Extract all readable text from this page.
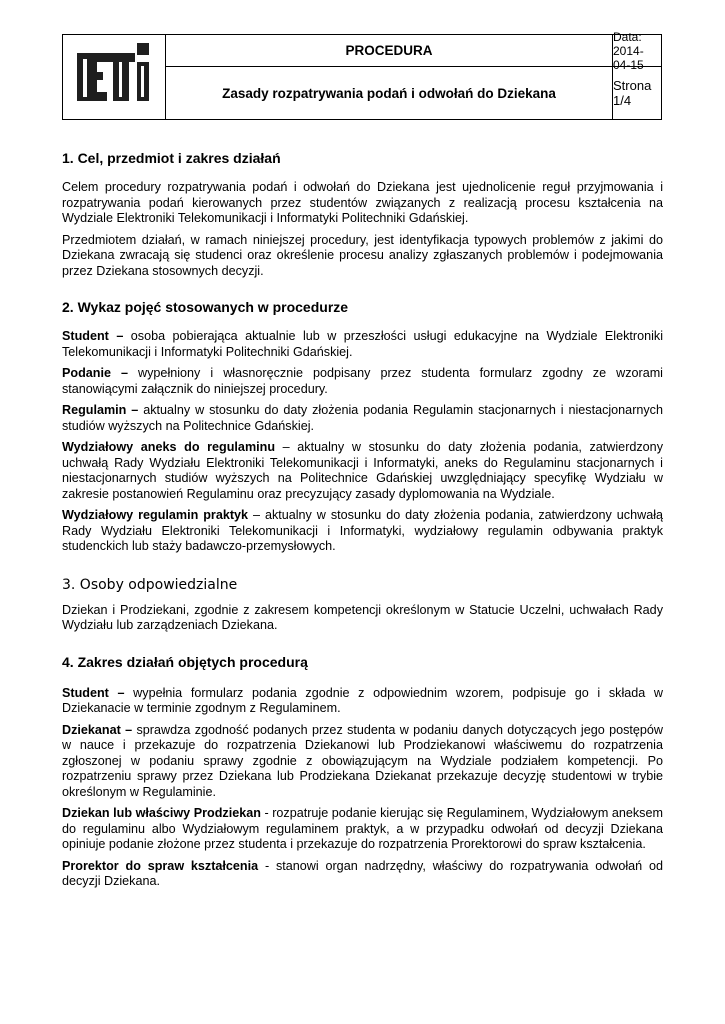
PROCEDURA
Data: 2014-04-15
Zasady rozpatrywania podań i odwołań do Dziekana	Strona 1/4
1. Cel, przedmiot i zakres działań

Celem procedury rozpatrywania podań i odwołań do Dziekana jest ujednolicenie reguł przyjmowania i rozpatrywania podań kierowanych przez studentów związanych z realizacją procesu kształcenia na Wydziale Elektroniki Telekomunikacji i Informatyki Politechniki Gdańskiej.

Przedmiotem działań, w ramach niniejszej procedury, jest identyfikacja typowych problemów z jakimi do Dziekana zwracają się studenci oraz określenie procesu analizy zgłaszanych problemów i podejmowania przez Dziekana stosownych decyzji.

2. Wykaz pojęć stosowanych w procedurze

Student – osoba pobierająca aktualnie lub w przeszłości usługi edukacyjne na Wydziale Elektroniki Telekomunikacji i Informatyki Politechniki Gdańskiej.

Podanie – wypełniony i własnoręcznie podpisany przez studenta formularz zgodny ze wzorami stanowiącymi załącznik do niniejszej procedury.

Regulamin – aktualny w stosunku do daty złożenia podania Regulamin stacjonarnych i niestacjonarnych studiów wyższych na Politechnice Gdańskiej.

Wydziałowy aneks do regulaminu – aktualny w stosunku do daty złożenia podania, zatwierdzony uchwałą Rady Wydziału Elektroniki Telekomunikacji i Informatyki, aneks do Regulaminu stacjonarnych i niestacjonarnych studiów wyższych na Politechnice Gdańskiej uwzględniający specyfikę Wydziału w zakresie postanowień Regulaminu oraz precyzujący zasady dyplomowania na Wydziale.

Wydziałowy regulamin praktyk – aktualny w stosunku do daty złożenia podania, zatwierdzony uchwałą Rady Wydziału Elektroniki Telekomunikacji i Informatyki, wydziałowy regulamin odbywania praktyk studenckich lub staży badawczo-przemysłowych.

3. Osoby odpowiedzialne

Dziekan i Prodziekani, zgodnie z zakresem kompetencji określonym w Statucie Uczelni, uchwałach Rady Wydziału lub zarządzeniach Dziekana.

4. Zakres działań objętych procedurą

Student – wypełnia formularz podania zgodnie z odpowiednim wzorem, podpisuje go i składa w Dziekanacie w terminie zgodnym z Regulaminem.

Dziekanat – sprawdza zgodność podanych przez studenta w podaniu danych dotyczących jego postępów w nauce i przekazuje do rozpatrzenia Dziekanowi lub Prodziekanowi właściwemu do rozpatrzenia zgłoszonej w podaniu sprawy zgodnie z obowiązującym na Wydziale podziałem kompetencji. Po rozpatrzeniu sprawy przez Dziekana lub Prodziekana Dziekanat przekazuje decyzję studentowi w trybie określonym w Regulaminie.

Dziekan lub właściwy Prodziekan - rozpatruje podanie kierując się Regulaminem, Wydziałowym aneksem do regulaminu albo Wydziałowym regulaminem praktyk, a w przypadku odwołań od decyzji Dziekana opiniuje podanie złożone przez studenta i przekazuje do rozpatrzenia Prorektorowi do spraw kształcenia.

Prorektor do spraw kształcenia - stanowi organ nadrzędny, właściwy do rozpatrywania odwołań od decyzji Dziekana.
